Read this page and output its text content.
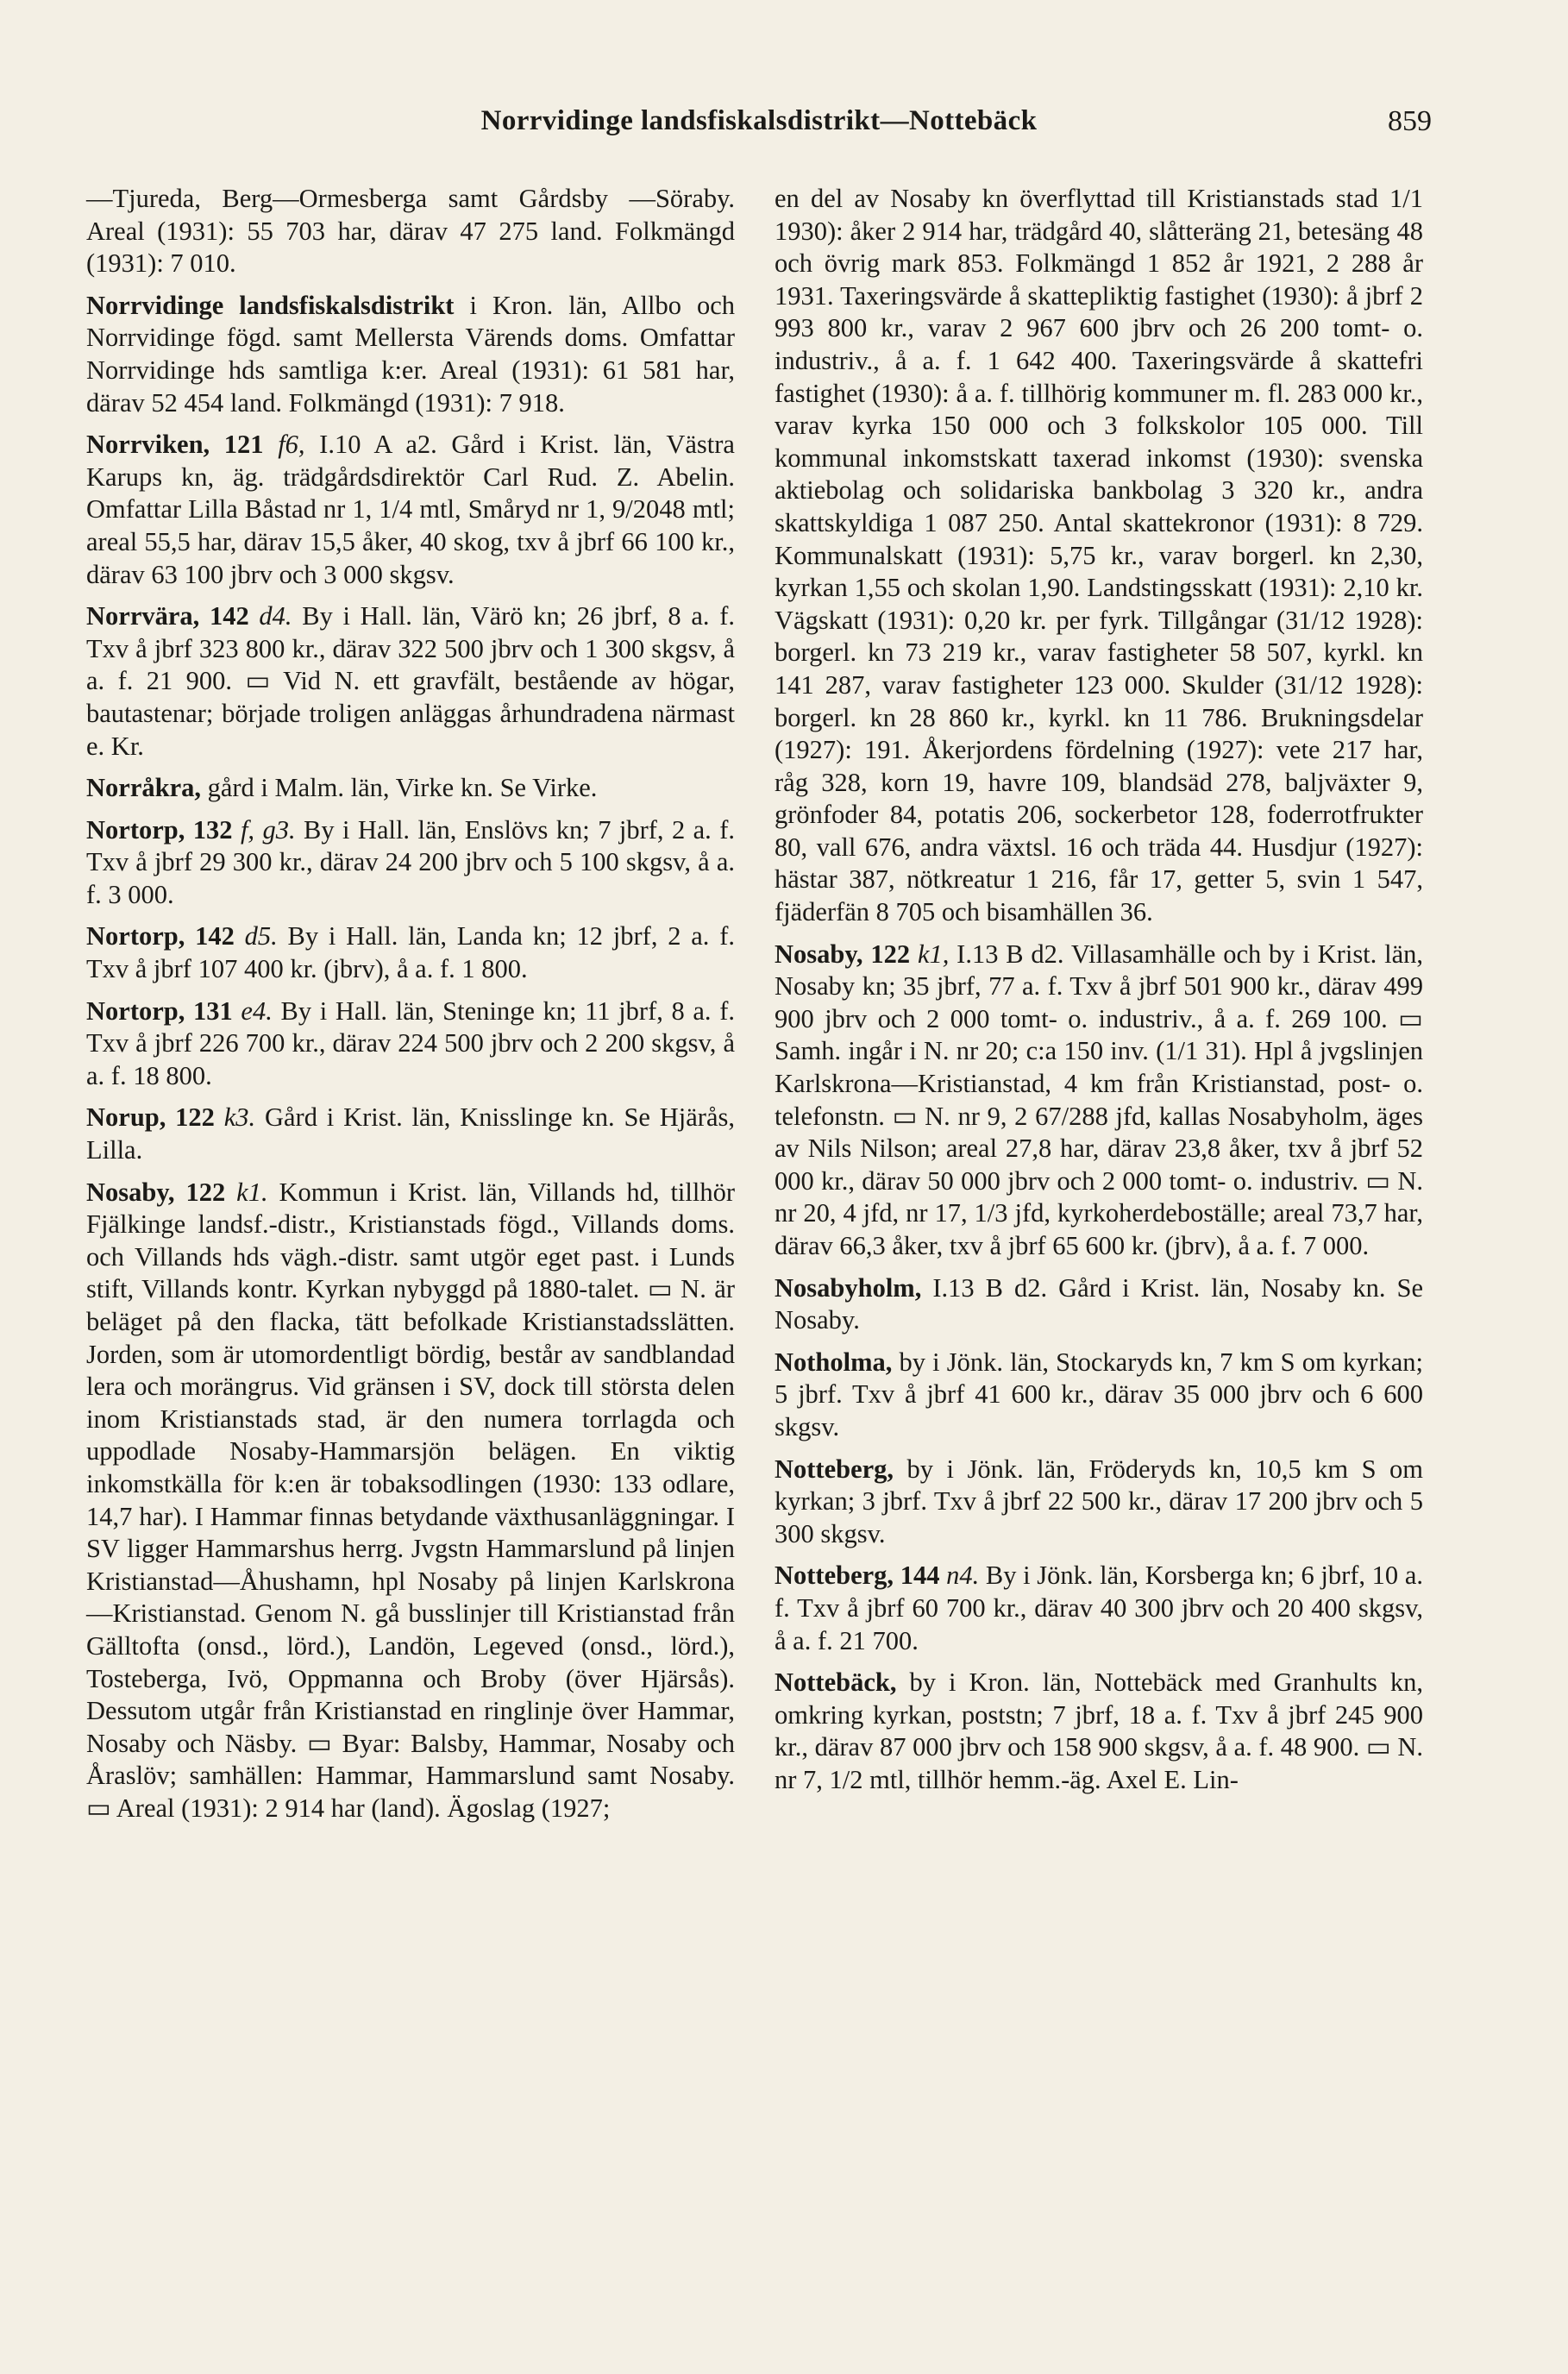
Norrvidinge landsfiskalsdistrikt—Nottebäck	859

—Tjureda, Berg—Ormesberga samt Gårdsby —Söraby. Areal (1931): 55 703 har, därav 47 275 land. Folkmängd (1931): 7 010.

Norrvidinge landsfiskalsdistrikt i Kron. län, Allbo och Norrvidinge fögd. samt Mellersta Värends doms. Omfattar Norrvidinge hds samtliga k:er. Areal (1931): 61 581 har, därav 52 454 land. Folkmängd (1931): 7 918.

Norrviken, 121 f6, I.10 A a2. Gård i Krist. län, Västra Karups kn, äg. trädgårdsdirektör Carl Rud. Z. Abelin. Omfattar Lilla Båstad nr 1, 1/4 mtl, Småryd nr 1, 9/2048 mtl; areal 55,5 har, därav 15,5 åker, 40 skog, txv å jbrf 66 100 kr., därav 63 100 jbrv och 3 000 skgsv.

Norrvära, 142 d4. By i Hall. län, Värö kn; 26 jbrf, 8 a. f. Txv å jbrf 323 800 kr., därav 322 500 jbrv och 1 300 skgsv, å a. f. 21 900. ▭ Vid N. ett gravfält, bestående av högar, bautastenar; började troligen anläggas århundradena närmast e. Kr.

Norråkra, gård i Malm. län, Virke kn. Se Virke.

Nortorp, 132 f, g3. By i Hall. län, Enslövs kn; 7 jbrf, 2 a. f. Txv å jbrf 29 300 kr., därav 24 200 jbrv och 5 100 skgsv, å a. f. 3 000.

Nortorp, 142 d5. By i Hall. län, Landa kn; 12 jbrf, 2 a. f. Txv å jbrf 107 400 kr. (jbrv), å a. f. 1 800.

Nortorp, 131 e4. By i Hall. län, Steninge kn; 11 jbrf, 8 a. f. Txv å jbrf 226 700 kr., därav 224 500 jbrv och 2 200 skgsv, å a. f. 18 800.

Norup, 122 k3. Gård i Krist. län, Knisslinge kn. Se Hjärås, Lilla.

Nosaby, 122 k1. Kommun i Krist. län, Villands hd, tillhör Fjälkinge landsf.-distr., Kristianstads fögd., Villands doms. och Villands hds vägh.-distr. samt utgör eget past. i Lunds stift, Villands kontr. Kyrkan nybyggd på 1880-talet. ▭ N. är beläget på den flacka, tätt befolkade Kristianstadsslätten. Jorden, som är utomordentligt bördig, består av sandblandad lera och morängrus. Vid gränsen i SV, dock till största delen inom Kristianstads stad, är den numera torrlagda och uppodlade Nosaby-Hammarsjön belägen. En viktig inkomstkälla för k:en är tobaksodlingen (1930: 133 odlare, 14,7 har). I Hammar finnas betydande växthusanläggningar. I SV ligger Hammarshus herrg. Jvgstn Hammarslund på linjen Kristianstad—Åhushamn, hpl Nosaby på linjen Karlskrona—Kristianstad. Genom N. gå busslinjer till Kristianstad från Gälltofta (onsd., lörd.), Landön, Legeved (onsd., lörd.), Tosteberga, Ivö, Oppmanna och Broby (över Hjärsås). Dessutom utgår från Kristianstad en ringlinje över Hammar, Nosaby och Näsby. ▭ Byar: Balsby, Hammar, Nosaby och Åraslöv; samhällen: Hammar, Hammarslund samt Nosaby. ▭ Areal (1931): 2 914 har (land). Ägoslag (1927;

en del av Nosaby kn överflyttad till Kristianstads stad 1/1 1930): åker 2 914 har, trädgård 40, slåtteräng 21, betesäng 48 och övrig mark 853. Folkmängd 1 852 år 1921, 2 288 år 1931. Taxeringsvärde å skattepliktig fastighet (1930): å jbrf 2 993 800 kr., varav 2 967 600 jbrv och 26 200 tomt- o. industriv., å a. f. 1 642 400. Taxeringsvärde å skattefri fastighet (1930): å a. f. tillhörig kommuner m. fl. 283 000 kr., varav kyrka 150 000 och 3 folkskolor 105 000. Till kommunal inkomstskatt taxerad inkomst (1930): svenska aktiebolag och solidariska bankbolag 3 320 kr., andra skattskyldiga 1 087 250. Antal skattekronor (1931): 8 729. Kommunalskatt (1931): 5,75 kr., varav borgerl. kn 2,30, kyrkan 1,55 och skolan 1,90. Landstingsskatt (1931): 2,10 kr. Vägskatt (1931): 0,20 kr. per fyrk. Tillgångar (31/12 1928): borgerl. kn 73 219 kr., varav fastigheter 58 507, kyrkl. kn 141 287, varav fastigheter 123 000. Skulder (31/12 1928): borgerl. kn 28 860 kr., kyrkl. kn 11 786. Brukningsdelar (1927): 191. Åkerjordens fördelning (1927): vete 217 har, råg 328, korn 19, havre 109, blandsäd 278, baljväxter 9, grönfoder 84, potatis 206, sockerbetor 128, foderrotfrukter 80, vall 676, andra växtsl. 16 och träda 44. Husdjur (1927): hästar 387, nötkreatur 1 216, får 17, getter 5, svin 1 547, fjäderfän 8 705 och bisamhällen 36.

Nosaby, 122 k1, I.13 B d2. Villasamhälle och by i Krist. län, Nosaby kn; 35 jbrf, 77 a. f. Txv å jbrf 501 900 kr., därav 499 900 jbrv och 2 000 tomt- o. industriv., å a. f. 269 100. ▭ Samh. ingår i N. nr 20; c:a 150 inv. (1/1 31). Hpl å jvgslinjen Karlskrona—Kristianstad, 4 km från Kristianstad, post- o. telefonstn. ▭ N. nr 9, 2 67/288 jfd, kallas Nosabyholm, äges av Nils Nilson; areal 27,8 har, därav 23,8 åker, txv å jbrf 52 000 kr., därav 50 000 jbrv och 2 000 tomt- o. industriv. ▭ N. nr 20, 4 jfd, nr 17, 1/3 jfd, kyrkoherdeboställe; areal 73,7 har, därav 66,3 åker, txv å jbrf 65 600 kr. (jbrv), å a. f. 7 000.

Nosabyholm, I.13 B d2. Gård i Krist. län, Nosaby kn. Se Nosaby.

Notholma, by i Jönk. län, Stockaryds kn, 7 km S om kyrkan; 5 jbrf. Txv å jbrf 41 600 kr., därav 35 000 jbrv och 6 600 skgsv.

Notteberg, by i Jönk. län, Fröderyds kn, 10,5 km S om kyrkan; 3 jbrf. Txv å jbrf 22 500 kr., därav 17 200 jbrv och 5 300 skgsv.

Notteberg, 144 n4. By i Jönk. län, Korsberga kn; 6 jbrf, 10 a. f. Txv å jbrf 60 700 kr., därav 40 300 jbrv och 20 400 skgsv, å a. f. 21 700.

Nottebäck, by i Kron. län, Nottebäck med Granhults kn, omkring kyrkan, poststn; 7 jbrf, 18 a. f. Txv å jbrf 245 900 kr., därav 87 000 jbrv och 158 900 skgsv, å a. f. 48 900. ▭ N. nr 7, 1/2 mtl, tillhör hemm.-äg. Axel E. Lin-
